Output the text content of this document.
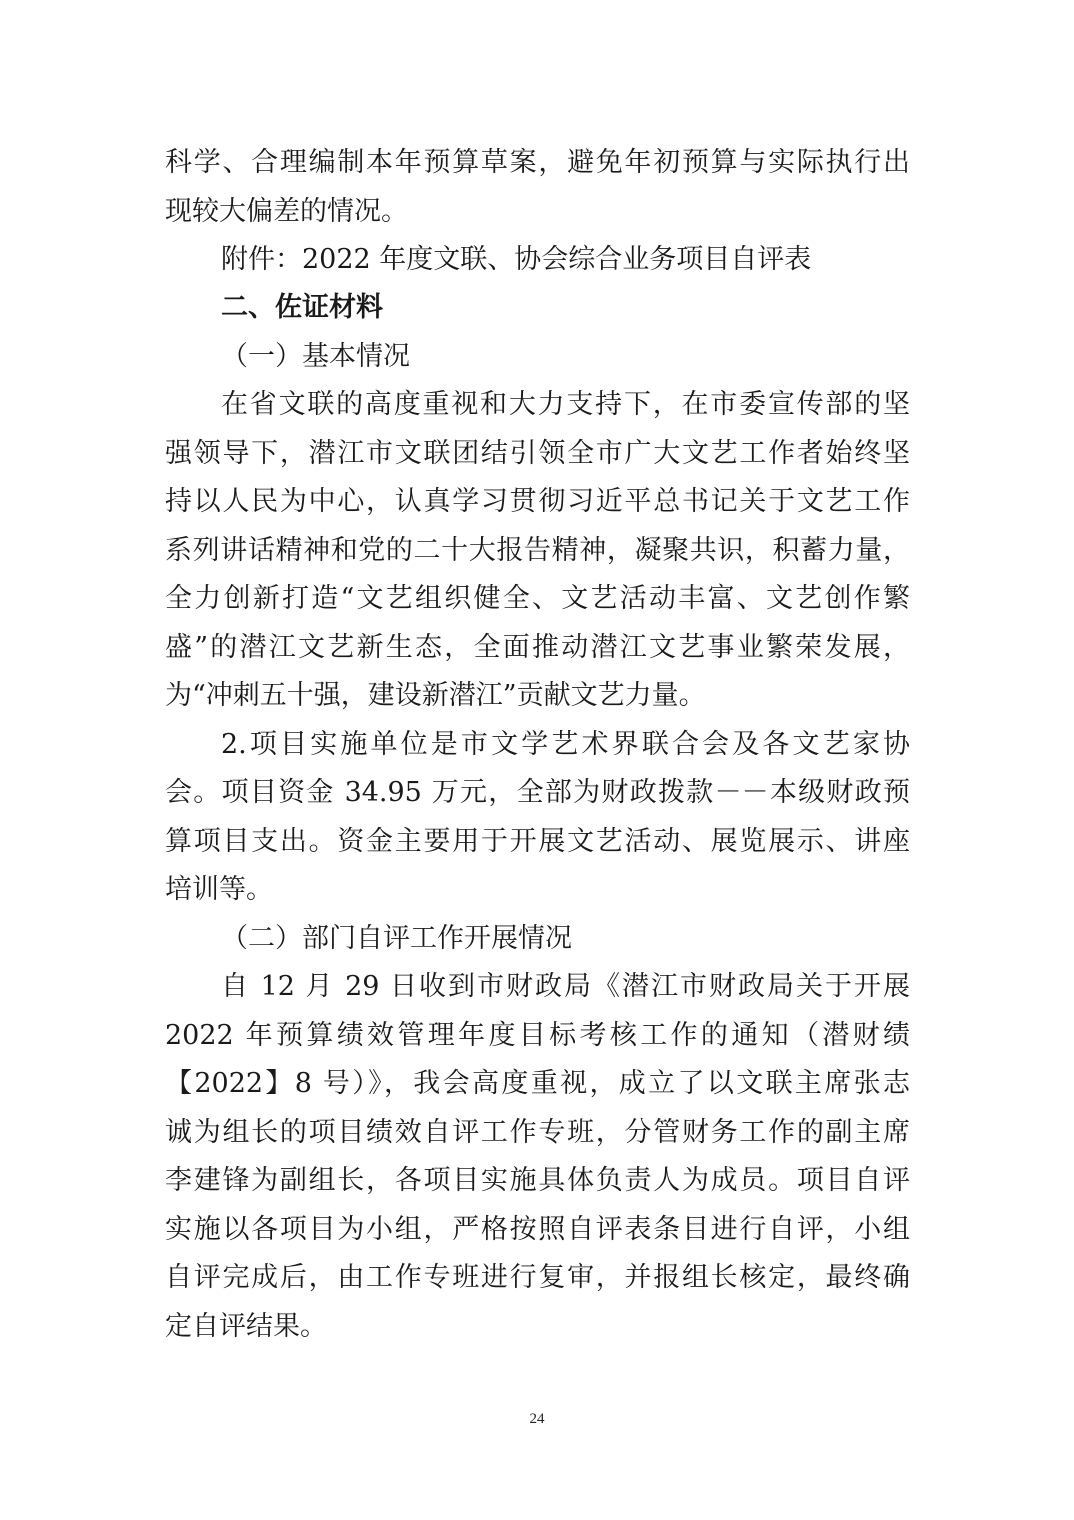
科学、合理编制本年预算草案，避免年初预算与实际执行出
现较大偏差的情况。
附件：2022 年度文联、协会综合业务项目自评表
二、佐证材料
（一）基本情况
在省文联的高度重视和大力支持下，在市委宣传部的坚
强领导下，潜江市文联团结引领全市广大文艺工作者始终坚
持以人民为中心，认真学习贯彻习近平总书记关于文艺工作
系列讲话精神和党的二十大报告精神，凝聚共识，积蓄力量，
全力创新打造“文艺组织健全、文艺活动丰富、文艺创作繁
盛”的潜江文艺新生态，全面推动潜江文艺事业繁荣发展，
为“冲刺五十强，建设新潜江”贡献文艺力量。
2.项目实施单位是市文学艺术界联合会及各文艺家协
会。项目资金 34.95 万元，全部为财政拨款－－本级财政预
算项目支出。资金主要用于开展文艺活动、展览展示、讲座
培训等。
（二）部门自评工作开展情况
自 12 月 29 日收到市财政局《潜江市财政局关于开展
2022 年预算绩效管理年度目标考核工作的通知（潜财绩
【2022】8 号）》，我会高度重视，成立了以文联主席张志
诚为组长的项目绩效自评工作专班，分管财务工作的副主席
李建锋为副组长，各项目实施具体负责人为成员。项目自评
实施以各项目为小组，严格按照自评表条目进行自评，小组
自评完成后，由工作专班进行复审，并报组长核定，最终确
定自评结果。
24
